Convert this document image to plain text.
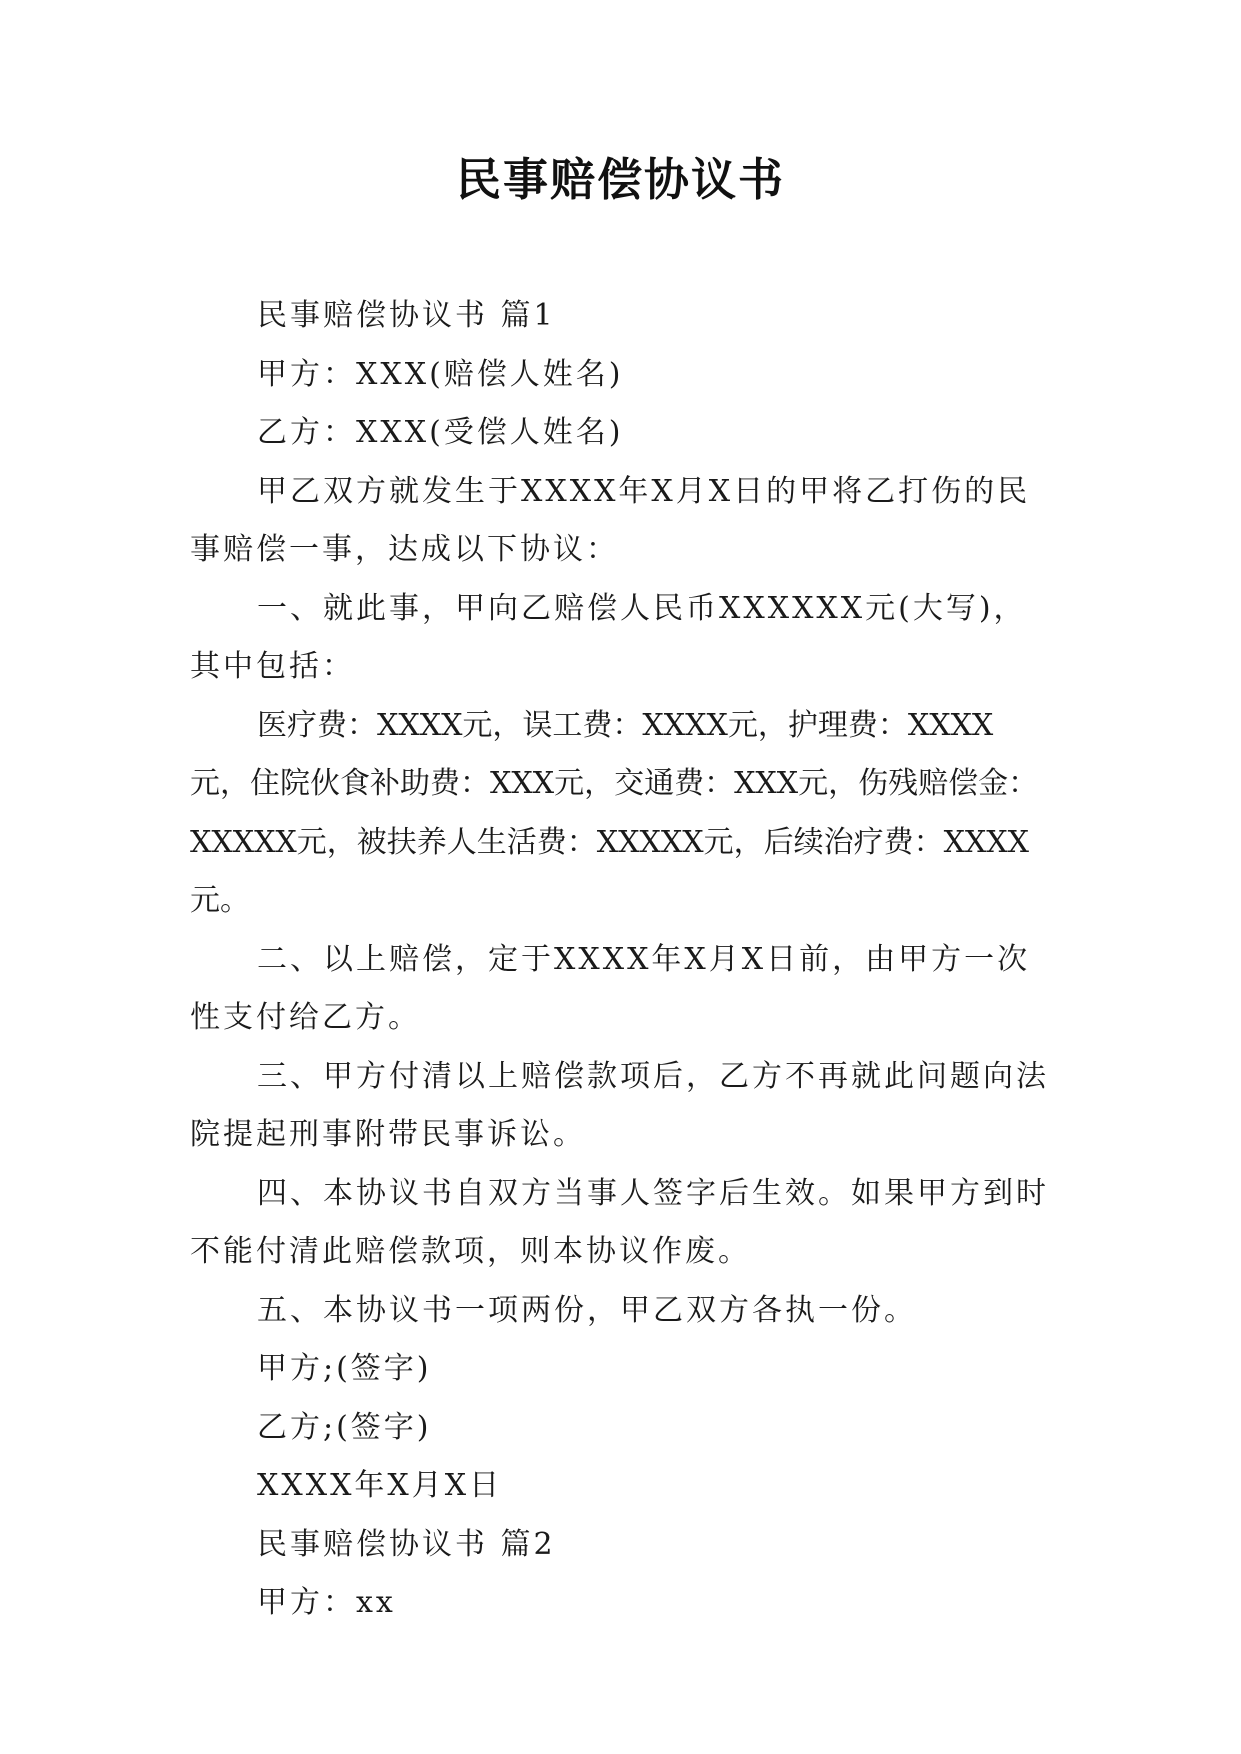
民事赔偿协议书

民事赔偿协议书 篇1

甲方：XXX(赔偿人姓名)

乙方：XXX(受偿人姓名)

甲乙双方就发生于XXXX年X月X日的甲将乙打伤的民事赔偿一事，达成以下协议：

一、就此事，甲向乙赔偿人民币XXXXXX元(大写)，其中包括：

医疗费：XXXX元，误工费：XXXX元，护理费：XXXX元，住院伙食补助费：XXX元，交通费：XXX元，伤残赔偿金：XXXXX元，被扶养人生活费：XXXXX元，后续治疗费：XXXX元。

二、以上赔偿，定于XXXX年X月X日前，由甲方一次性支付给乙方。

三、甲方付清以上赔偿款项后，乙方不再就此问题向法院提起刑事附带民事诉讼。

四、本协议书自双方当事人签字后生效。如果甲方到时不能付清此赔偿款项，则本协议作废。

五、本协议书一项两份，甲乙双方各执一份。

甲方;(签字)

乙方;(签字)

XXXX年X月X日

民事赔偿协议书 篇2

甲方：xx
